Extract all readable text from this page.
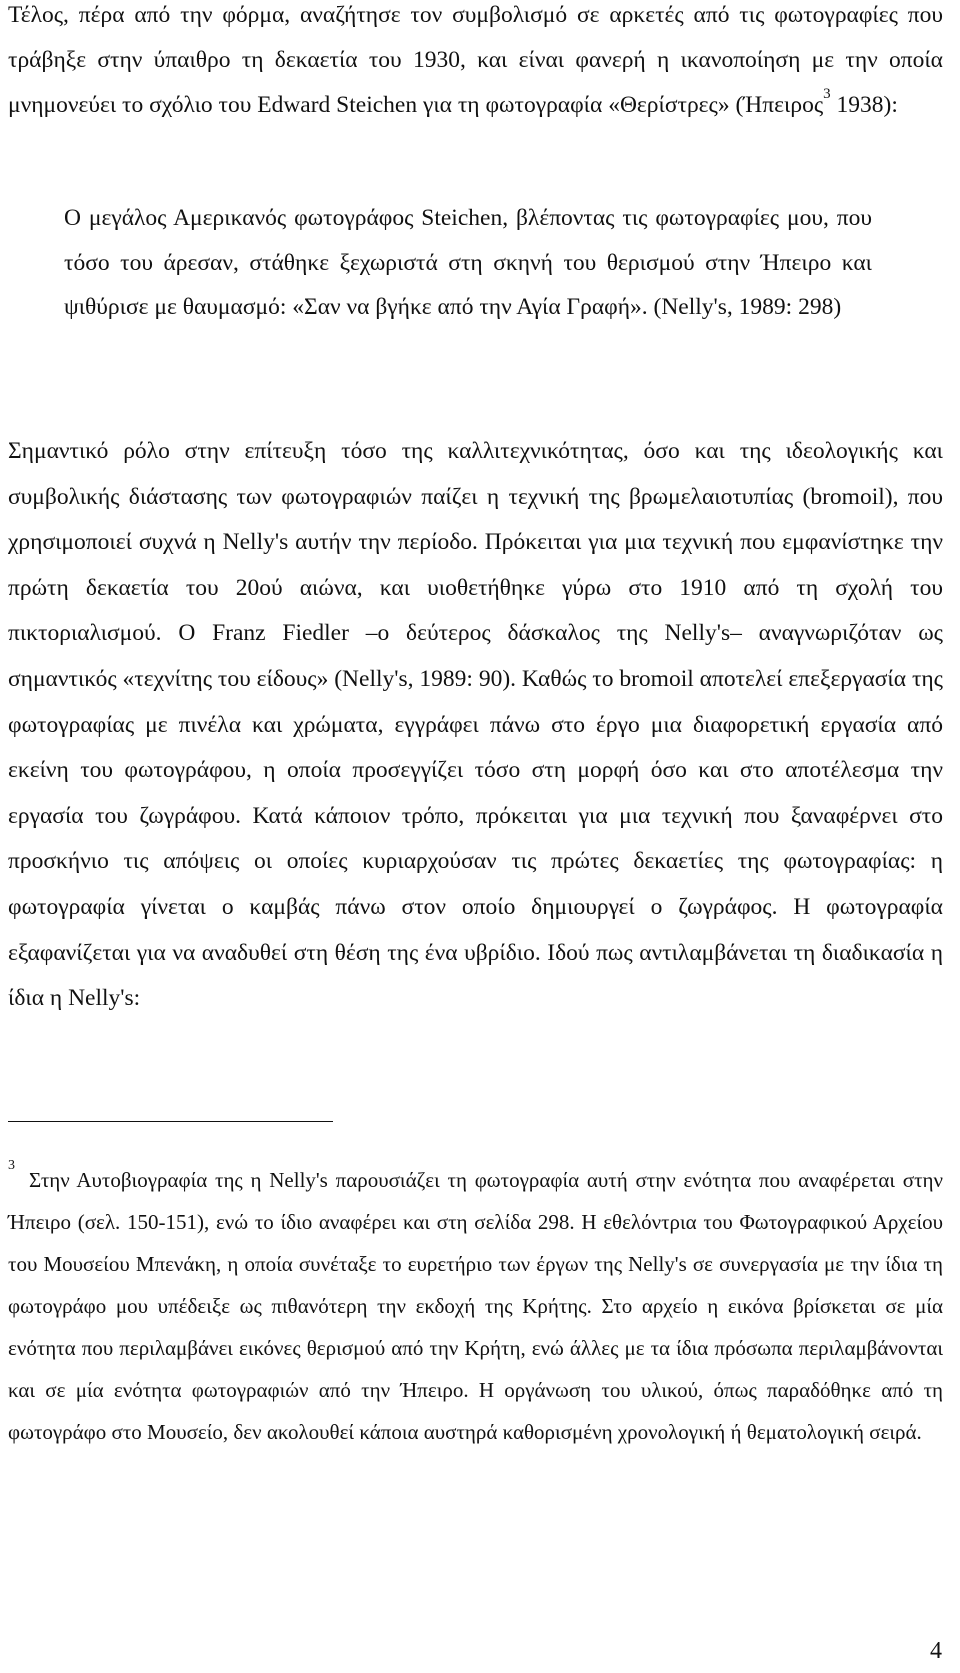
Τέλος, πέρα από την φόρμα, αναζήτησε τον συμβολισμό σε αρκετές από τις φωτογραφίες που τράβηξε στην ύπαιθρο τη δεκαετία του 1930, και είναι φανερή η ικανοποίηση με την οποία μνημονεύει το σχόλιο του Edward Steichen για τη φωτογραφία «Θερίστρες» (Ήπειρος$^3$ 1938):

Ο μεγάλος Αμερικανός φωτογράφος Steichen, βλέποντας τις φωτογραφίες μου, που τόσο του άρεσαν, στάθηκε ξεχωριστά στη σκηνή του θερισμού στην Ήπειρο και ψιθύρισε με θαυμασμό: «Σαν να βγήκε από την Αγία Γραφή». (Nelly's, 1989: 298)

Σημαντικό ρόλο στην επίτευξη τόσο της καλλιτεχνικότητας, όσο και της ιδεολογικής και συμβολικής διάστασης των φωτογραφιών παίζει η τεχνική της βρωμελαιοτυπίας (bromoil), που χρησιμοποιεί συχνά η Nelly's αυτήν την περίοδο. Πρόκειται για μια τεχνική που εμφανίστηκε την πρώτη δεκαετία του 20ού αιώνα, και υιοθετήθηκε γύρω στο 1910 από τη σχολή του πικτοριαλισμού. Ο Franz Fiedler –ο δεύτερος δάσκαλος της Nelly's– αναγνωριζόταν ως σημαντικός «τεχνίτης του είδους» (Nelly's, 1989: 90). Καθώς το bromoil αποτελεί επεξεργασία της φωτογραφίας με πινέλα και χρώματα, εγγράφει πάνω στο έργο μια διαφορετική εργασία από εκείνη του φωτογράφου, η οποία προσεγγίζει τόσο στη μορφή όσο και στο αποτέλεσμα την εργασία του ζωγράφου. Κατά κάποιον τρόπο, πρόκειται για μια τεχνική που ξαναφέρνει στο προσκήνιο τις απόψεις οι οποίες κυριαρχούσαν τις πρώτες δεκαετίες της φωτογραφίας: η φωτογραφία γίνεται ο καμβάς πάνω στον οποίο δημιουργεί ο ζωγράφος. Η φωτογραφία εξαφανίζεται για να αναδυθεί στη θέση της ένα υβρίδιο. Ιδού πως αντιλαμβάνεται τη διαδικασία η ίδια η Nelly's:

3Στην Αυτοβιογραφία της η Nelly's παρουσιάζει τη φωτογραφία αυτή στην ενότητα που αναφέρεται στην Ήπειρο (σελ. 150-151), ενώ το ίδιο αναφέρει και στη σελίδα 298. Η εθελόντρια του Φωτογραφικού Αρχείου του Μουσείου Μπενάκη, η οποία συνέταξε το ευρετήριο των έργων της Nelly's σε συνεργασία με την ίδια τη φωτογράφο μου υπέδειξε ως πιθανότερη την εκδοχή της Κρήτης. Στο αρχείο η εικόνα βρίσκεται σε μία ενότητα που περιλαμβάνει εικόνες θερισμού από την Κρήτη, ενώ άλλες με τα ίδια πρόσωπα περιλαμβάνονται και σε μία ενότητα φωτογραφιών από την Ήπειρο. Η οργάνωση του υλικού, όπως παραδόθηκε από τη φωτογράφο στο Μουσείο, δεν ακολουθεί κάποια αυστηρά καθορισμένη χρονολογική ή θεματολογική σειρά.

4
